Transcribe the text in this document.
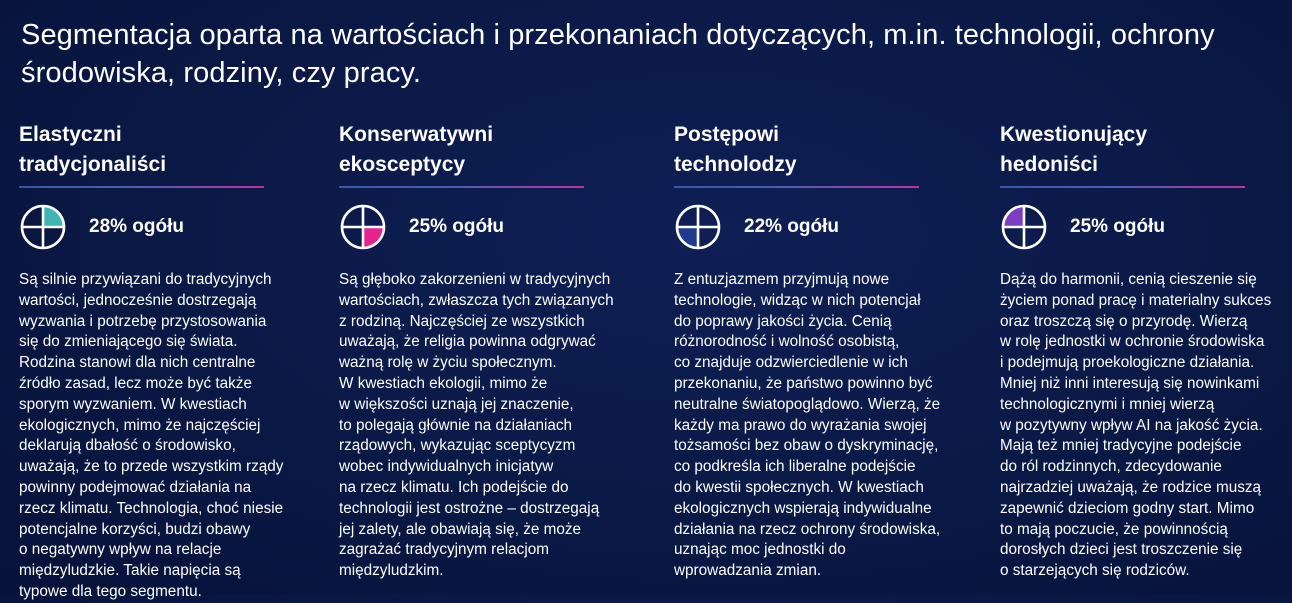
Segmentacja oparta na wartościach i przekonaniach dotyczących, m.in. technologii, ochrony środowiska, rodziny, czy pracy.
Elastyczni
tradycjonaliści
28% ogółu
Są silnie przywiązani do tradycyjnych
wartości, jednocześnie dostrzegają
wyzwania i potrzebę przystosowania
się do zmieniającego się świata.
Rodzina stanowi dla nich centralne
źródło zasad, lecz może być także
sporym wyzwaniem. W kwestiach
ekologicznych, mimo że najczęściej
deklarują dbałość o środowisko,
uważają, że to przede wszystkim rządy
powinny podejmować działania na
rzecz klimatu. Technologia, choć niesie
potencjalne korzyści, budzi obawy
o negatywny wpływ na relacje
międzyludzkie. Takie napięcia są
typowe dla tego segmentu.
Konserwatywni
ekosceptycy
25% ogółu
Są głęboko zakorzenieni w tradycyjnych
wartościach, zwłaszcza tych związanych
z rodziną. Najczęściej ze wszystkich
uważają, że religia powinna odgrywać
ważną rolę w życiu społecznym.
W kwestiach ekologii, mimo że
w większości uznają jej znaczenie,
to polegają głównie na działaniach
rządowych, wykazując sceptycyzm
wobec indywidualnych inicjatyw
na rzecz klimatu. Ich podejście do
technologii jest ostrożne – dostrzegają
jej zalety, ale obawiają się, że może
zagrażać tradycyjnym relacjom
międzyludzkim.
Postępowi
technolodzy
22% ogółu
Z entuzjazmem przyjmują nowe
technologie, widząc w nich potencjał
do poprawy jakości życia. Cenią
różnorodność i wolność osobistą,
co znajduje odzwierciedlenie w ich
przekonaniu, że państwo powinno być
neutralne światopoglądowo. Wierzą, że
każdy ma prawo do wyrażania swojej
tożsamości bez obaw o dyskryminację,
co podkreśla ich liberalne podejście
do kwestii społecznych. W kwestiach
ekologicznych wspierają indywidualne
działania na rzecz ochrony środowiska,
uznając moc jednostki do
wprowadzania zmian.
Kwestionujący
hedoniści
25% ogółu
Dążą do harmonii, cenią cieszenie się
życiem ponad pracę i materialny sukces
oraz troszczą się o przyrodę. Wierzą
w rolę jednostki w ochronie środowiska
i podejmują proekologiczne działania.
Mniej niż inni interesują się nowinkami
technologicznymi i mniej wierzą
w pozytywny wpływ AI na jakość życia.
Mają też mniej tradycyjne podejście
do ról rodzinnych, zdecydowanie
najrzadziej uważają, że rodzice muszą
zapewnić dzieciom godny start. Mimo
to mają poczucie, że powinnością
dorosłych dzieci jest troszczenie się
o starzejących się rodziców.
